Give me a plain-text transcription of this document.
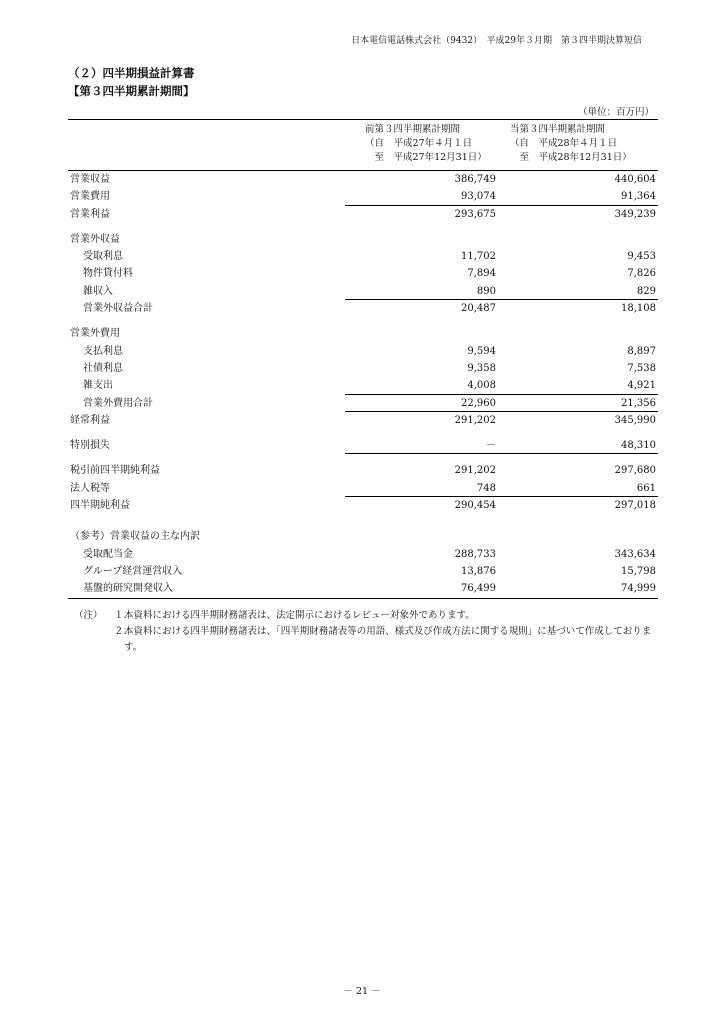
日本電信電話株式会社（9432）　平成29年３月期　第３四半期決算短信
（２）四半期損益計算書
【第３四半期累計期間】
（単位：百万円）
前第３四半期累計期間
（自　平成27年４月１日
　至　平成27年12月31日）
当第３四半期累計期間
（自　平成28年４月１日
　至　平成28年12月31日）
営業収益	386,749	440,604
営業費用	93,074	91,364
営業利益	293,675	349,239
営業外収益
受取利息	11,702	9,453
物件貸付料	7,894	7,826
雑収入	890	829
営業外収益合計	20,487	18,108
営業外費用
支払利息	9,594	8,897
社債利息	9,358	7,538
雑支出	4,008	4,921
営業外費用合計	22,960	21,356
経常利益	291,202	345,990
特別損失	－	48,310
税引前四半期純利益	291,202	297,680
法人税等	748	661
四半期純利益	290,454	297,018
（参考）営業収益の主な内訳
受取配当金	288,733	343,634
グループ経営運営収入	13,876	15,798
基盤的研究開発収入	76,499	74,999
（注） １.
本資料における四半期財務諸表は、法定開示におけるレビュー対象外であります。
２.
本資料における四半期財務諸表は、「四半期財務諸表等の用語、様式及び作成方法に関する規則」に基づいて作成しております。
－ 21 －
